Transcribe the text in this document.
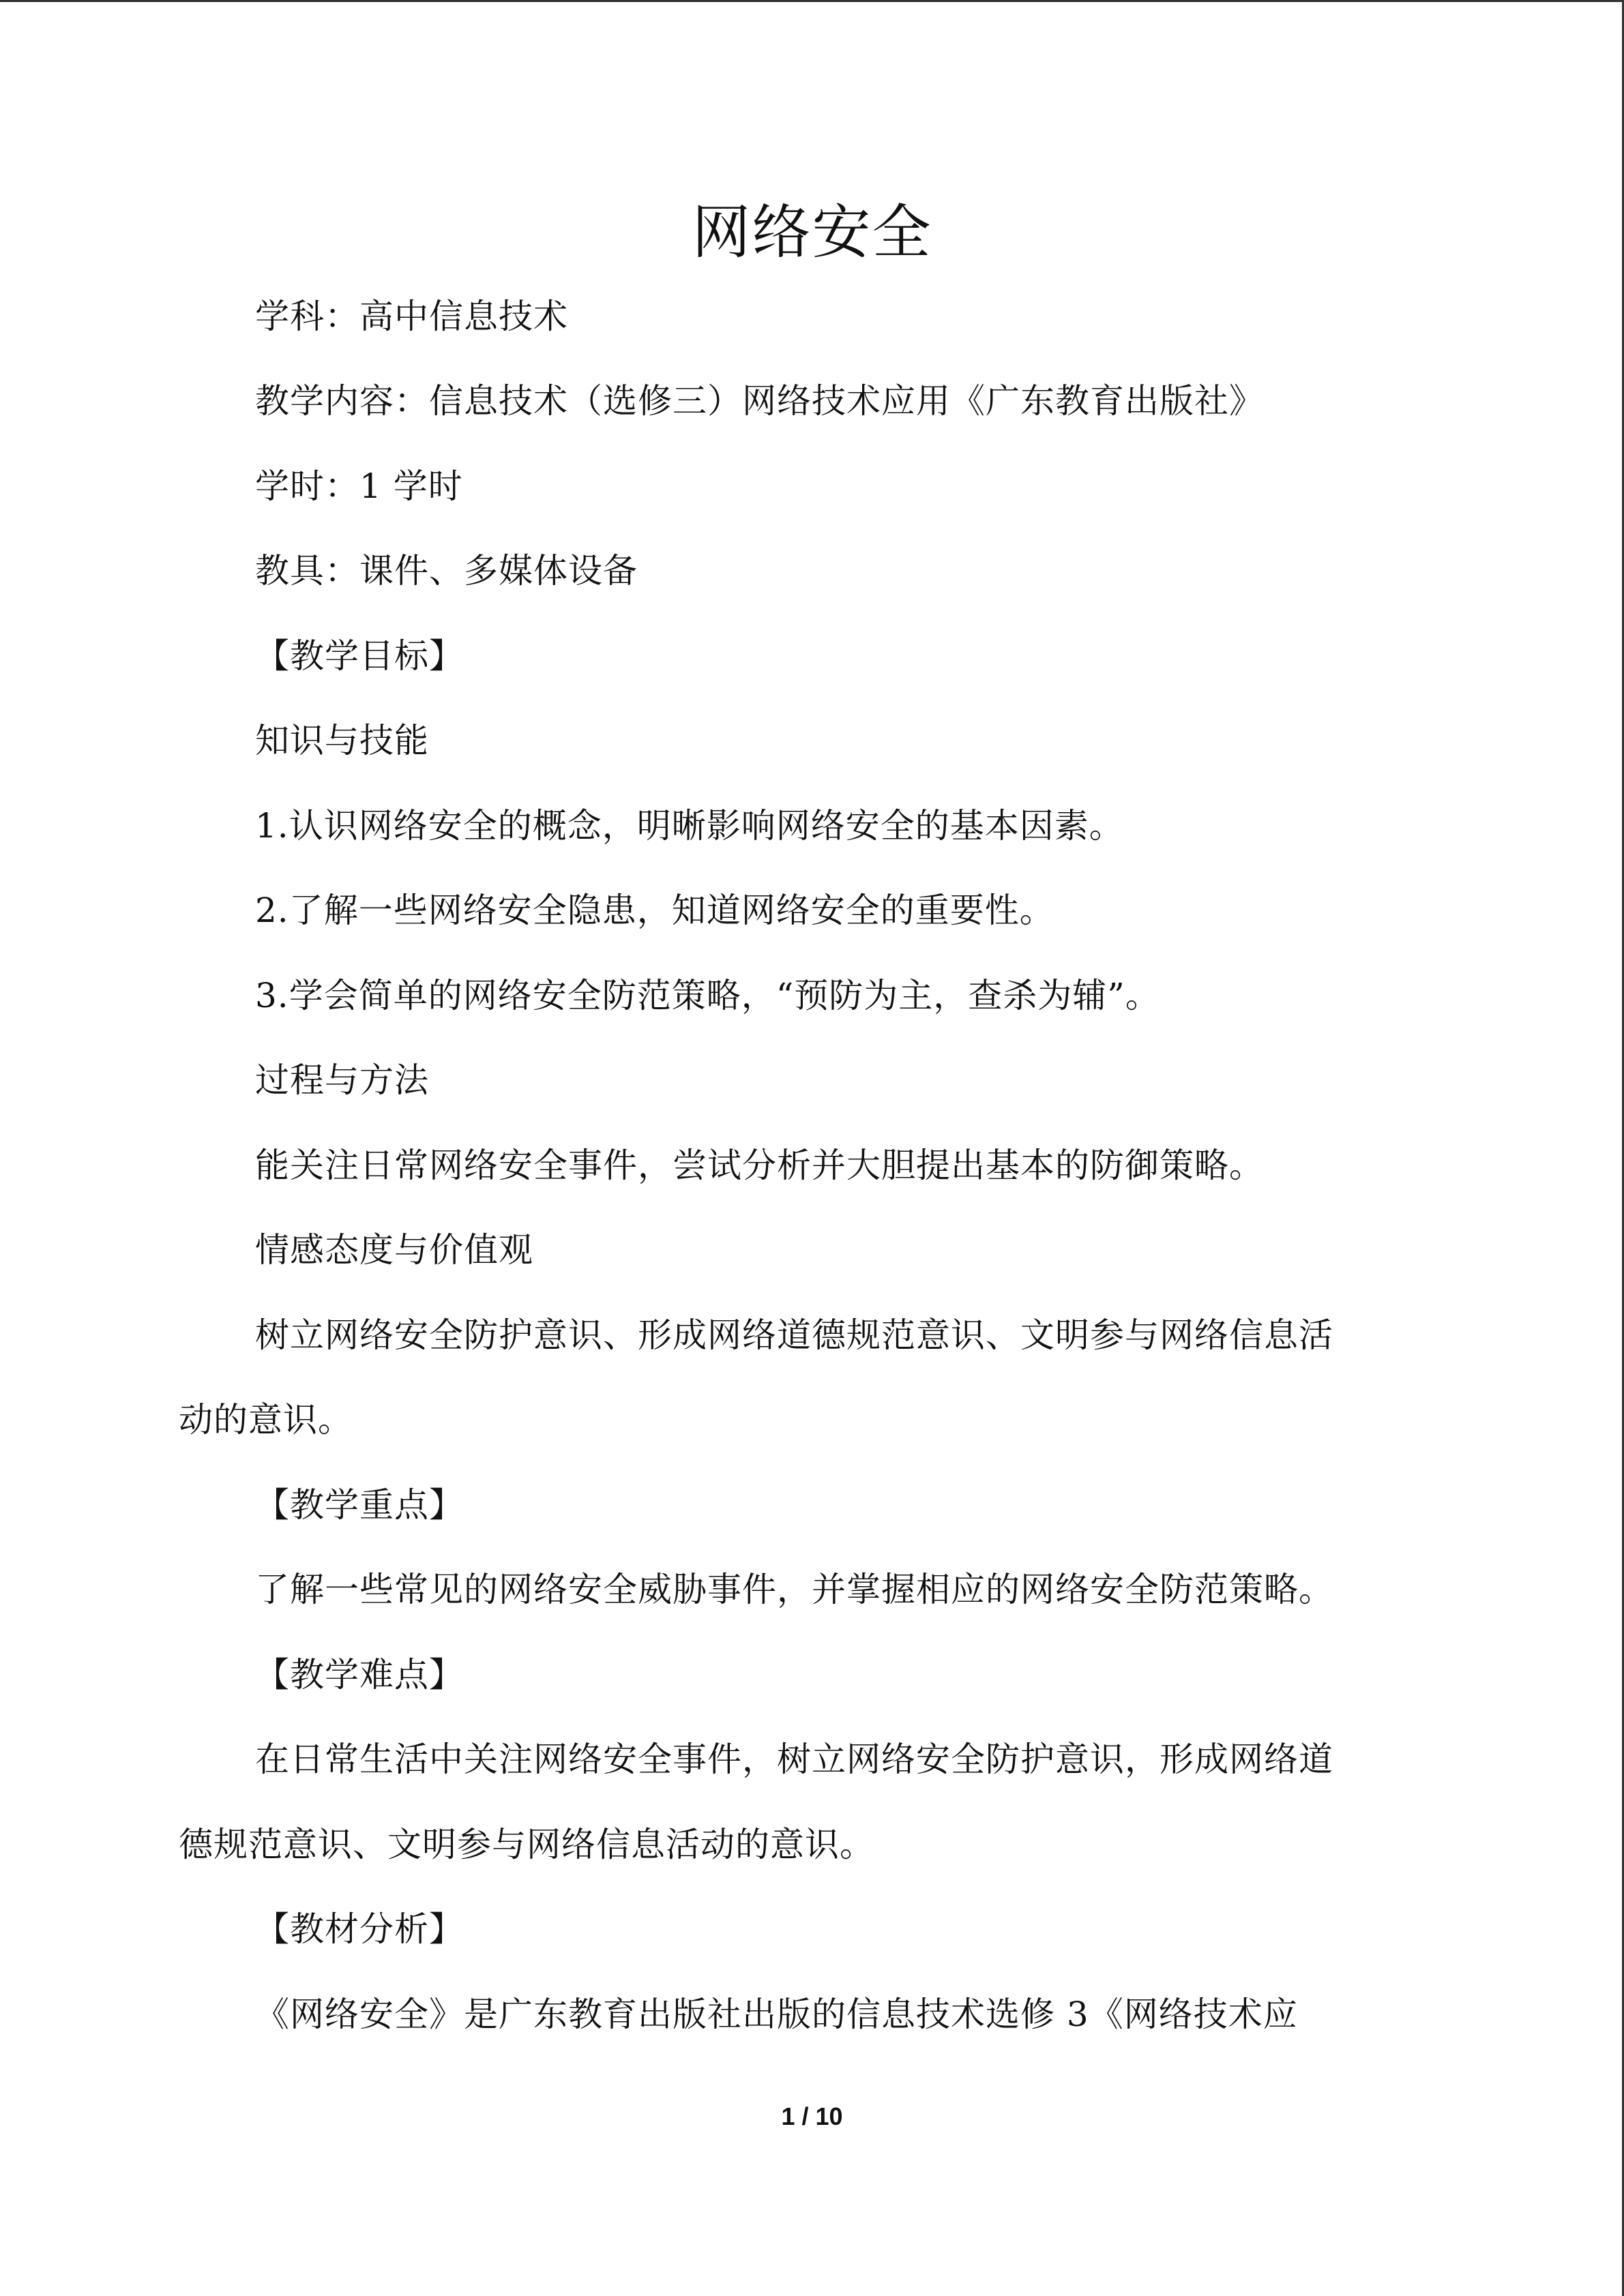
网络安全
学科：高中信息技术
教学内容：信息技术（选修三）网络技术应用《广东教育出版社》
学时：1 学时
教具：课件、多媒体设备
【教学目标】
知识与技能
1.认识网络安全的概念，明晰影响网络安全的基本因素。
2.了解一些网络安全隐患，知道网络安全的重要性。
3.学会简单的网络安全防范策略，“预防为主，查杀为辅”。
过程与方法
能关注日常网络安全事件，尝试分析并大胆提出基本的防御策略。
情感态度与价值观
树立网络安全防护意识、形成网络道德规范意识、文明参与网络信息活
动的意识。
【教学重点】
了解一些常见的网络安全威胁事件，并掌握相应的网络安全防范策略。
【教学难点】
在日常生活中关注网络安全事件，树立网络安全防护意识，形成网络道
德规范意识、文明参与网络信息活动的意识。
【教材分析】
《网络安全》是广东教育出版社出版的信息技术选修 3《网络技术应
1 / 10
